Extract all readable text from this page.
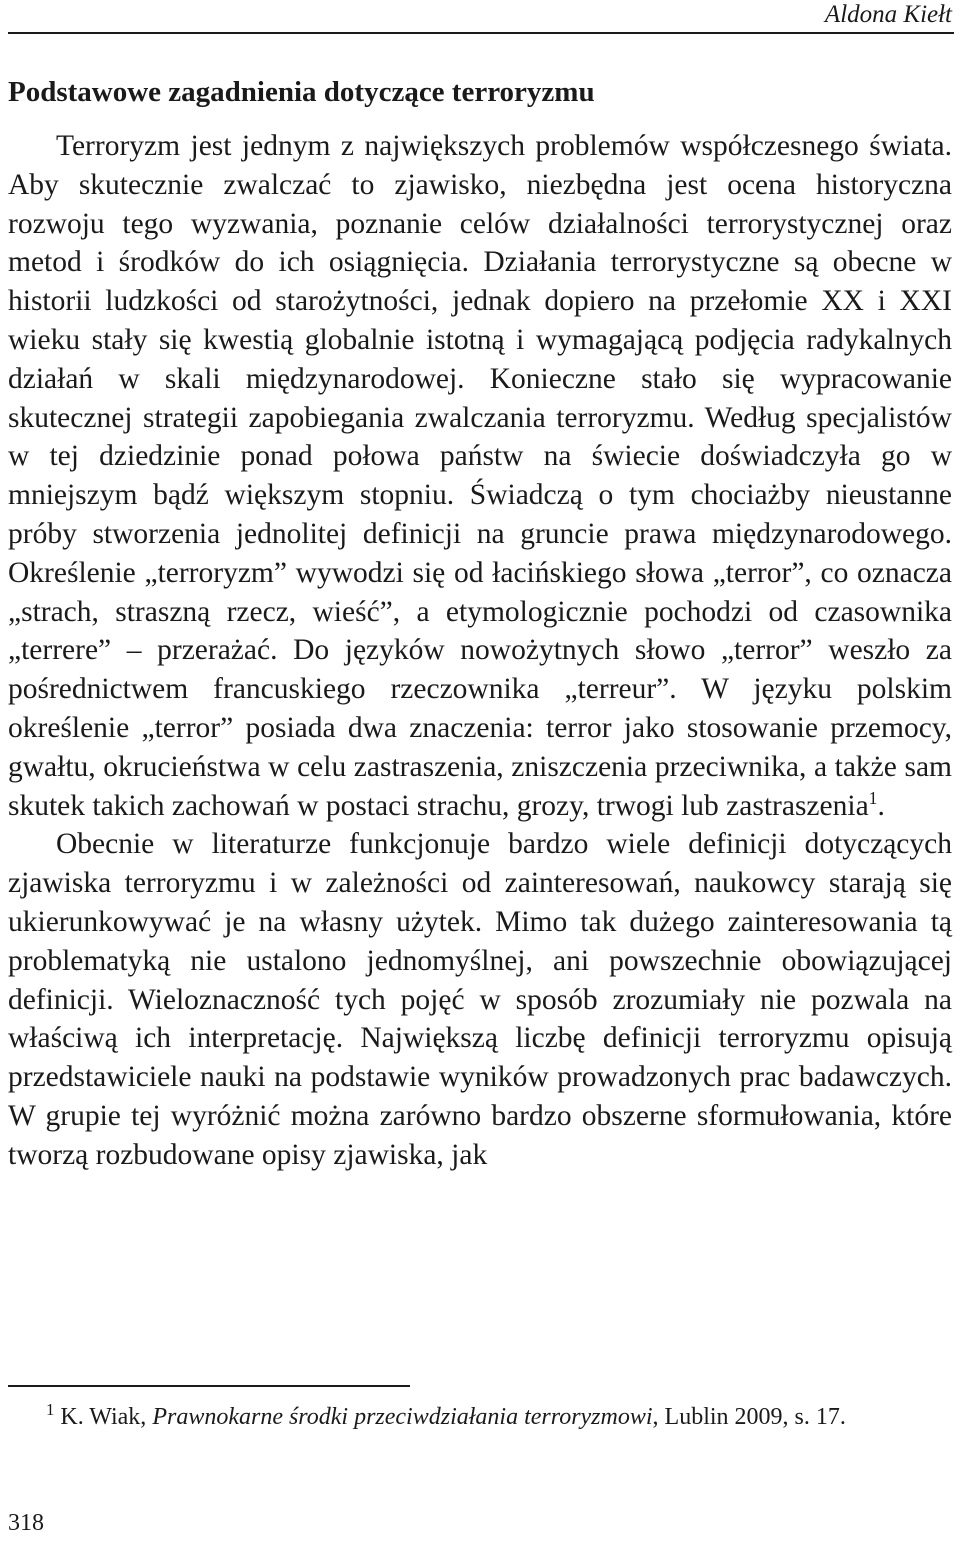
Aldona Kiełt
Podstawowe zagadnienia dotyczące terroryzmu

Terroryzm jest jednym z największych problemów współczesnego świata. Aby skutecznie zwalczać to zjawisko, niezbędna jest ocena historyczna rozwoju tego wyzwania, poznanie celów działalności terrorystycznej oraz metod i środków do ich osiągnięcia. Działania terrorystyczne są obecne w historii ludzkości od starożytności, jednak dopiero na przełomie XX i XXI wieku stały się kwestią globalnie istotną i wymagającą podjęcia radykalnych działań w skali międzynarodowej. Konieczne stało się wypracowanie skutecznej strategii zapobiegania zwalczania terroryzmu. Według specjalistów w tej dziedzinie ponad połowa państw na świecie doświadczyła go w mniejszym bądź większym stopniu. Świadczą o tym chociażby nieustanne próby stworzenia jednolitej definicji na gruncie prawa międzynarodowego. Określenie „terroryzm” wywodzi się od łacińskiego słowa „terror”, co oznacza „strach, straszną rzecz, wieść”, a etymologicznie pochodzi od czasownika „terrere” – przerażać. Do języków nowożytnych słowo „terror” weszło za pośrednictwem francuskiego rzeczownika „terreur”. W języku polskim określenie „terror” posiada dwa znaczenia: terror jako stosowanie przemocy, gwałtu, okrucieństwa w celu zastraszenia, zniszczenia przeciwnika, a także sam skutek takich zachowań w postaci strachu, grozy, trwogi lub zastraszenia$^1$.

Obecnie w literaturze funkcjonuje bardzo wiele definicji dotyczących zjawiska terroryzmu i w zależności od zainteresowań, naukowcy starają się ukierunkowywać je na własny użytek. Mimo tak dużego zainteresowania tą problematyką nie ustalono jednomyślnej, ani powszechnie obowiązującej definicji. Wieloznaczność tych pojęć w sposób zrozumiały nie pozwala na właściwą ich interpretację. Największą liczbę definicji terroryzmu opisują przedstawiciele nauki na podstawie wyników prowadzonych prac badawczych. W grupie tej wyróżnić można zarówno bardzo obszerne sformułowania, które tworzą rozbudowane opisy zjawiska, jak

$^1$ K. Wiak, Prawnokarne środki przeciwdziałania terroryzmowi, Lublin 2009, s. 17.

318
